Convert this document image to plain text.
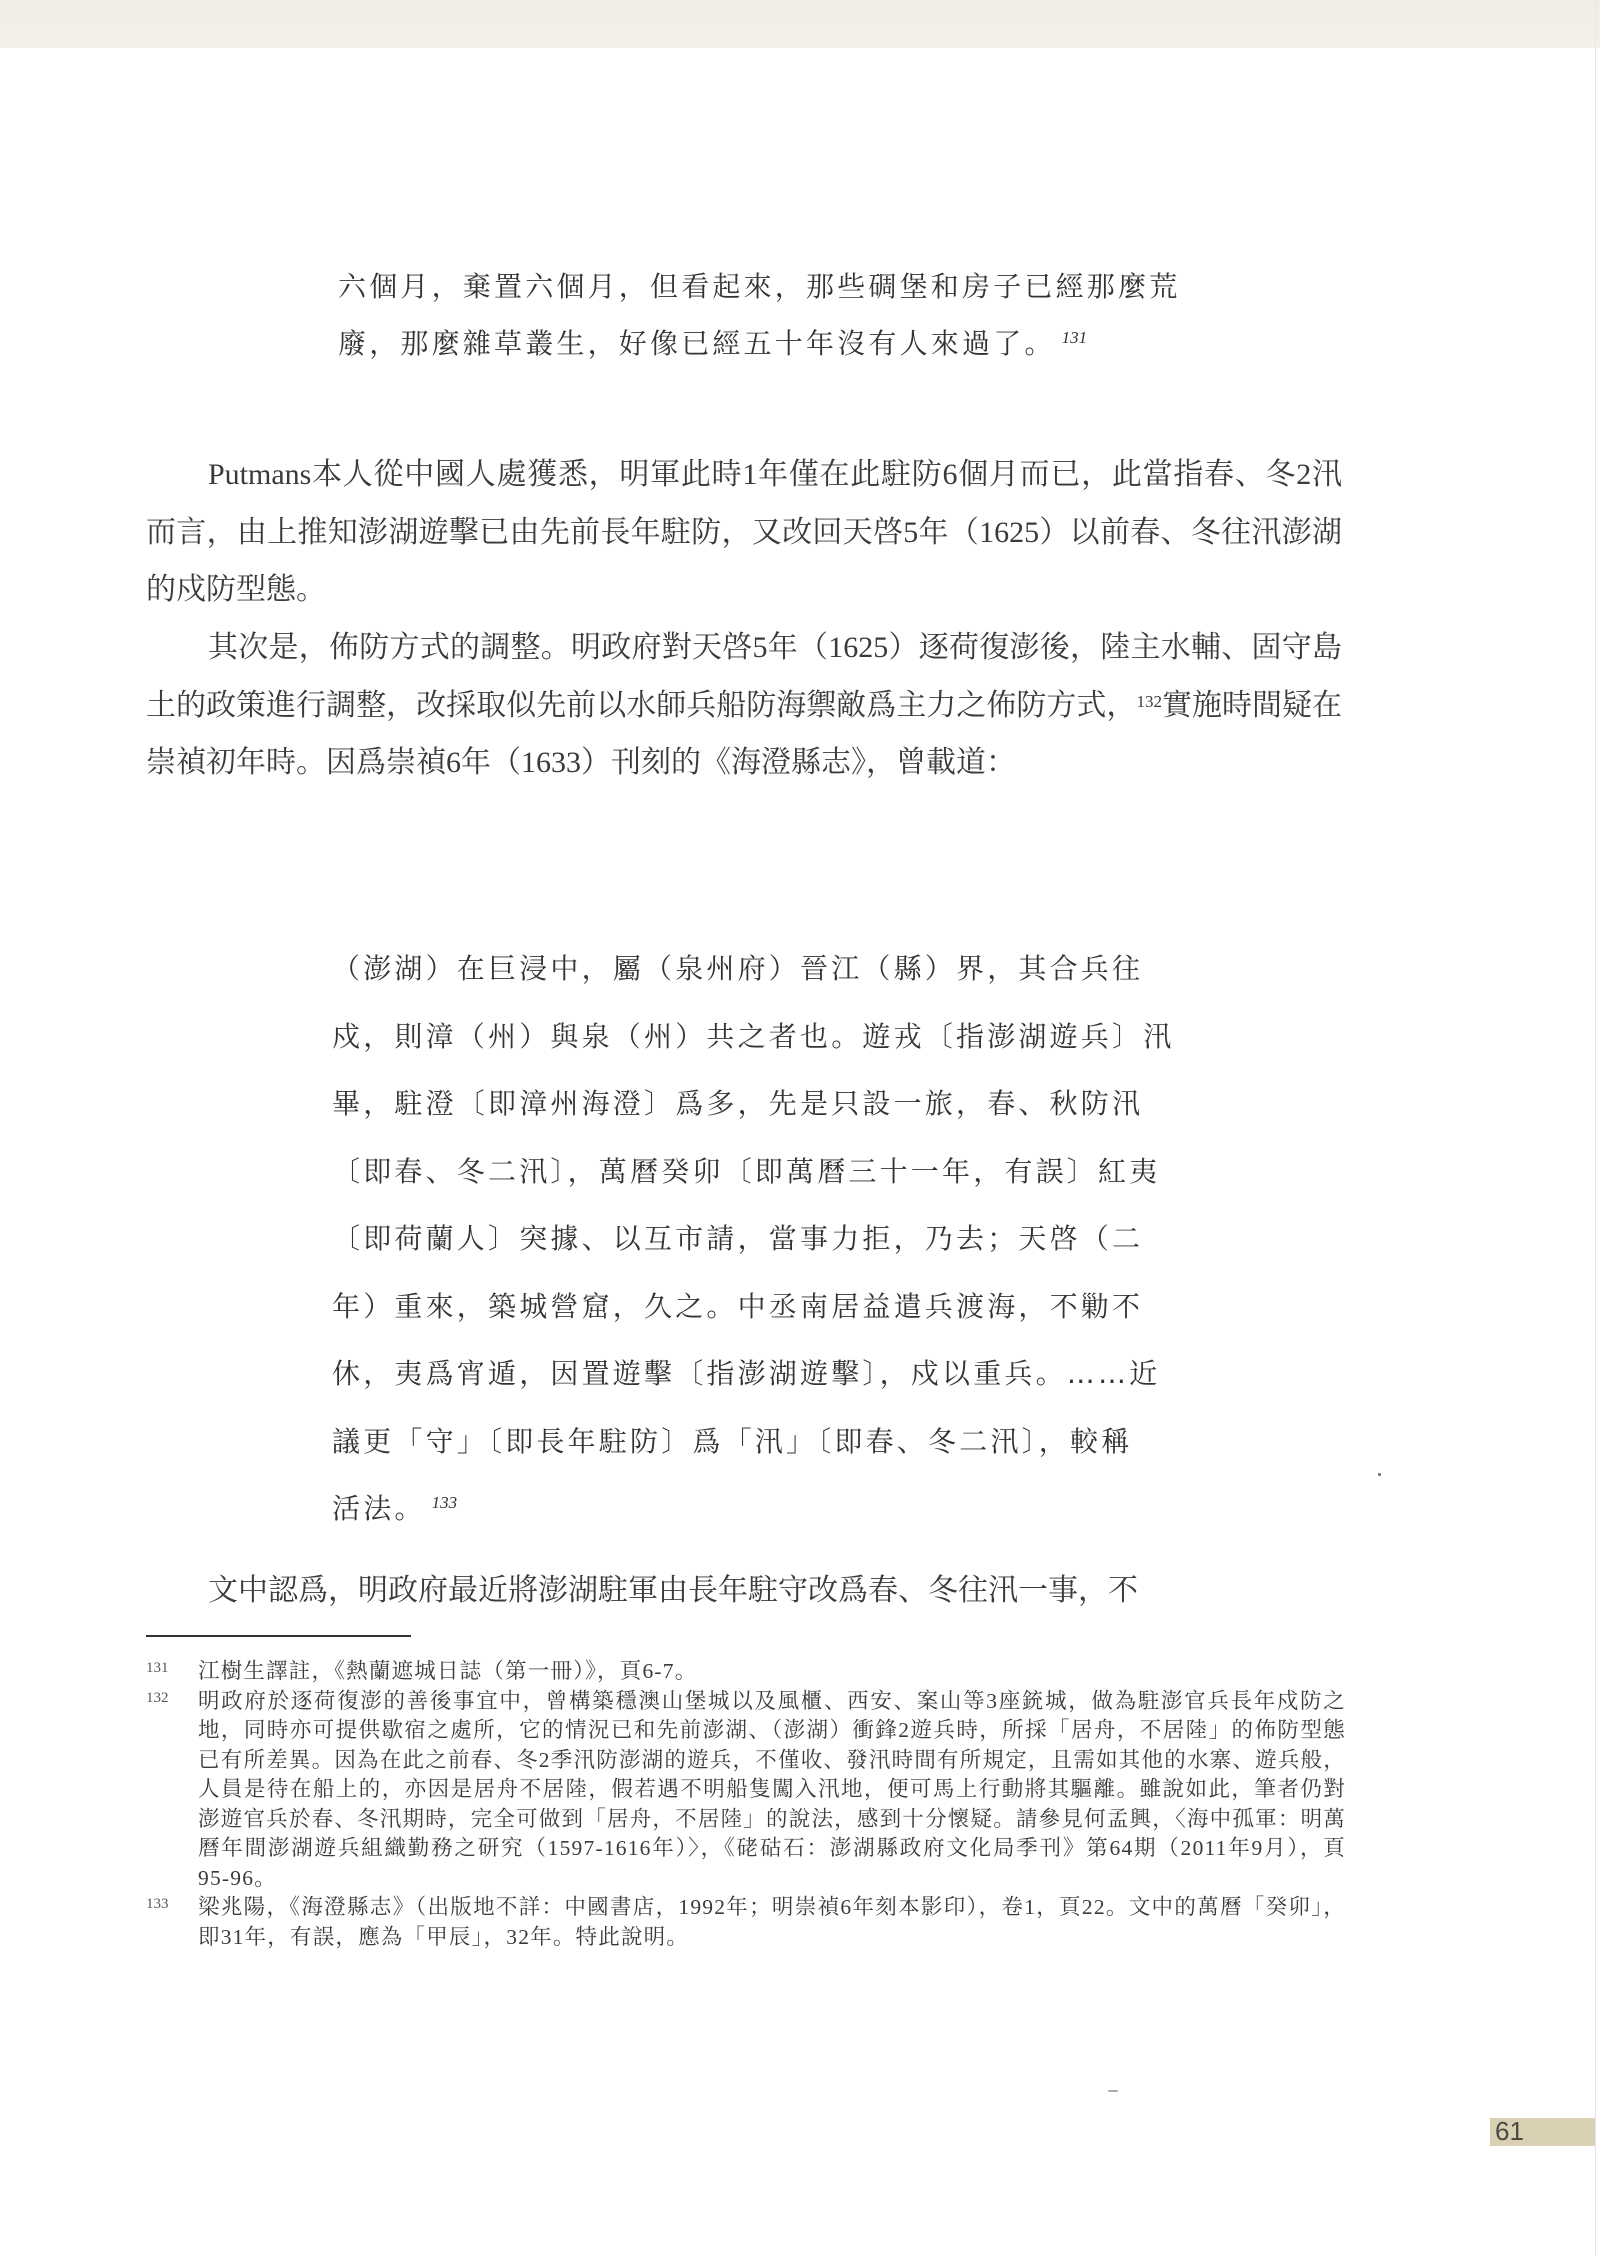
六個月，棄置六個月，但看起來，那些碉堡和房子已經那麼荒

廢，那麼雜草叢生，好像已經五十年沒有人來過了。 $^{131}$

Putmans本人從中國人處獲悉，明軍此時1年僅在此駐防6個月而已，此當指春、冬2汛而言，由上推知澎湖遊擊已由先前長年駐防，又改回天啓5年（1625）以前春、冬往汛澎湖的戍防型態。

其次是，佈防方式的調整。明政府對天啓5年（1625）逐荷復澎後，陸主水輔、固守島土的政策進行調整，改採取似先前以水師兵船防海禦敵爲主力之佈防方式，$^{132}$實施時間疑在崇禎初年時。因爲崇禎6年（1633）刊刻的《海澄縣志》，曾載道：

（澎湖）在巨浸中，屬（泉州府）晉江（縣）界，其合兵往

戍，則漳（州）與泉（州）共之者也。遊戎〔指澎湖遊兵〕汛

畢，駐澄〔即漳州海澄〕爲多，先是只設一旅，春、秋防汛

〔即春、冬二汛〕，萬曆癸卯〔即萬曆三十一年，有誤〕紅夷

〔即荷蘭人〕突據、以互市請，當事力拒，乃去；天啓（二

年）重來，築城營窟，久之。中丞南居益遣兵渡海，不勦不

休，夷爲宵遁，因置遊擊〔指澎湖遊擊〕，戍以重兵。……近

議更「守」〔即長年駐防〕爲「汛」〔即春、冬二汛〕，較稱

活法。 $^{133}$

文中認爲，明政府最近將澎湖駐軍由長年駐守改爲春、冬往汛一事，不

131	江樹生譯註，《熱蘭遮城日誌（第一冊）》，頁6-7。
132	明政府於逐荷復澎的善後事宜中，曾構築穩澳山堡城以及風櫃、西安、案山等3座銃城，做為駐澎官兵長年戍防之地，同時亦可提供歇宿之處所，它的情況已和先前澎湖、（澎湖）衝鋒2遊兵時，所採「居舟，不居陸」的佈防型態已有所差異。因為在此之前春、冬2季汛防澎湖的遊兵，不僅收、發汛時間有所規定，且需如其他的水寨、遊兵般，人員是待在船上的，亦因是居舟不居陸，假若遇不明船隻闖入汛地，便可馬上行動將其驅離。雖說如此，筆者仍對澎遊官兵於春、冬汛期時，完全可做到「居舟，不居陸」的說法，感到十分懷疑。請參見何孟興，〈海中孤軍：明萬曆年間澎湖遊兵組織勤務之研究（1597-1616年）〉，《硓𥑮石：澎湖縣政府文化局季刊》第64期（2011年9月），頁95-96。
133	梁兆陽，《海澄縣志》（出版地不詳：中國書店，1992年；明崇禎6年刻本影印），卷1，頁22。文中的萬曆「癸卯」，即31年，有誤，應為「甲辰」，32年。特此說明。
61
